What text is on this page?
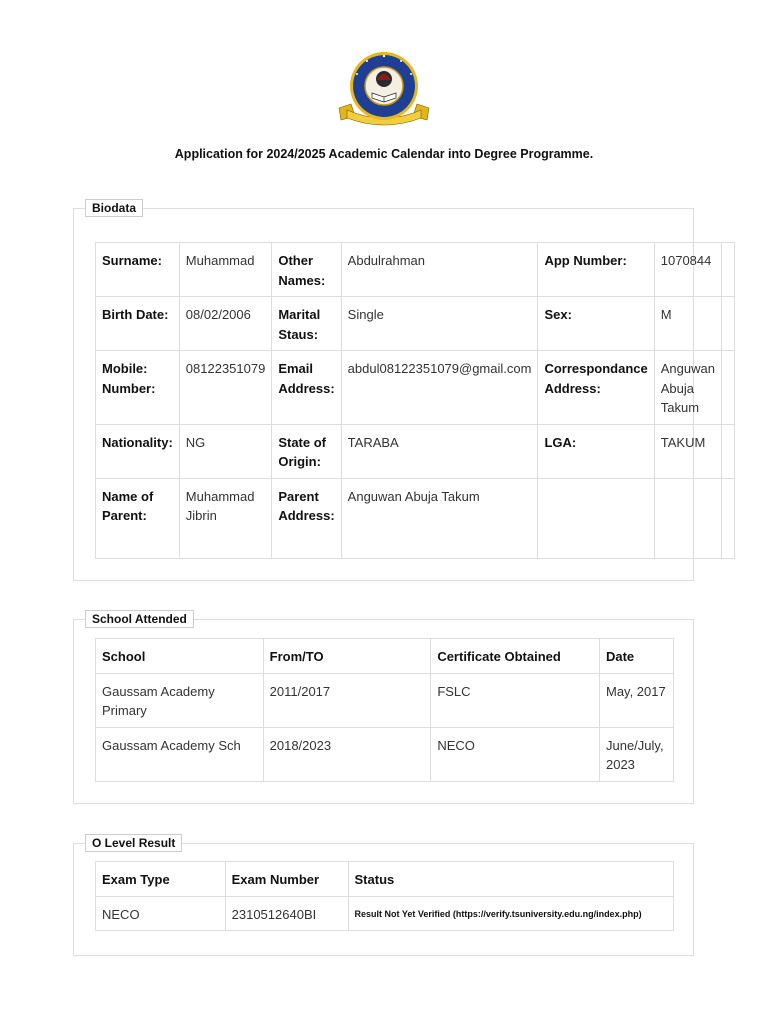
Application for 2024/2025 Academic Calendar into Degree Programme.
Biodata
Surname:	Muhammad	Other Names:	Abdulrahman	App Number:	1070844	
Birth Date:	08/02/2006	Marital Staus:	Single	Sex:	M	
Mobile: Number:	08122351079	Email Address:	abdul08122351079@gmail.com	Correspondance Address:	Anguwan Abuja Takum	
Nationality:	NG	State of Origin:	TARABA	LGA:	TAKUM	
Name of Parent:	Muhammad Jibrin	Parent Address:	Anguwan Abuja Takum			
School Attended
School	From/TO	Certificate Obtained	Date
Gaussam Academy Primary	2011/2017	FSLC	May, 2017
Gaussam Academy Sch	2018/2023	NECO	June/July, 2023
O Level Result
Exam Type	Exam Number	Status
NECO	2310512640BI	Result Not Yet Verified (https://verify.tsuniversity.edu.ng/index.php)
